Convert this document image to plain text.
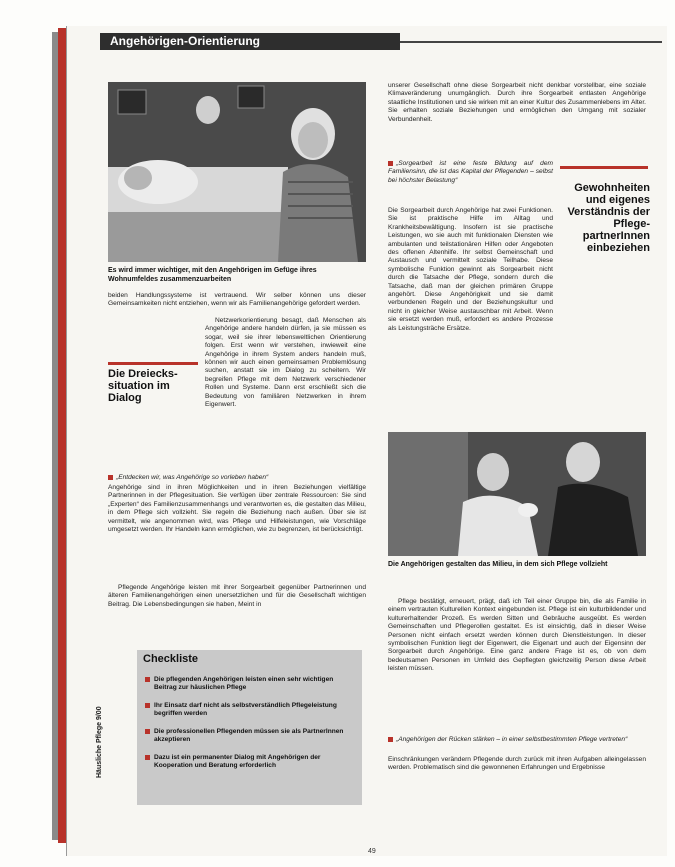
Angehörigen-Orientierung
Es wird immer wichtiger, mit den Angehörigen im Gefüge ihres Wohnumfeldes zusammenzuarbeiten
beiden Handlungssysteme ist vertrauend. Wir selber können uns dieser Gemeinsamkeiten nicht entziehen, wenn wir als Familienangehörige gefordert werden.
Netzwerkorientierung besagt, daß Menschen als Angehörige andere handeln dürfen, ja sie müssen es sogar, weil sie ihrer lebensweltlichen Orientierung folgen. Erst wenn wir verstehen, inwieweit eine Angehörige in ihrem System anders handeln muß, können wir auch einen gemeinsamen Problemlösung suchen, anstatt sie im Dialog zu scheitern. Wir begreifen Pflege mit dem Netzwerk verschiedener Rollen und Systeme. Dann erst erschließt sich die Bedeutung von familiären Netzwerken in ihrem Eigenwert.
Die Dreiecks-situation im Dialog
„Entdecken wir, was Angehörige so vorleben haben“
Angehörige sind in ihren Möglichkeiten und in ihren Beziehungen vielfältige Partnerinnen in der Pflegesituation. Sie verfügen über zentrale Ressourcen: Sie sind „Experten“ des Familienzusammenhangs und verantworten es, die gestalten das Milieu, in dem Pflege sich vollzieht. Sie regeln die Beziehung nach außen. Über sie ist vermittelt, wie angenommen wird, was Pflege und Hilfeleistungen, wie Vorschläge umgesetzt werden. Ihr Handeln kann ermöglichen, wie zu begrenzen, ist berücksichtigt.
Pflegende Angehörige leisten mit ihrer Sorgearbeit gegenüber Partnerinnen und älteren Familienangehörigen einen unersetzlichen und für die Gesellschaft wichtigen Beitrag. Die Lebensbedingungen sie haben, Meint in
Checkliste
Die pflegenden Angehörigen leisten einen sehr wichtigen Beitrag zur häuslichen Pflege
Ihr Einsatz darf nicht als selbstverständlich Pflegeleistung begriffen werden
Die professionellen Pflegenden müssen sie als PartnerInnen akzeptieren
Dazu ist ein permanenter Dialog mit Angehörigen der Kooperation und Beratung erforderlich
unserer Gesellschaft ohne diese Sorgearbeit nicht denkbar vorstellbar, eine soziale Klimaveränderung unumgänglich. Durch ihre Sorgearbeit entlasten Angehörige staatliche Institutionen und sie wirken mit an einer Kultur des Zusammenlebens im Alter. Sie erhalten soziale Beziehungen und ermöglichen den Umgang mit sozialer Verbundenheit.
„Sorgearbeit ist eine feste Bildung auf dem Familiensinn, die ist das Kapital der Pflegenden – selbst bei höchster Belastung“
Die Sorgearbeit durch Angehörige hat zwei Funktionen. Sie ist praktische Hilfe im Alltag und Krankheitsbewältigung. Insofern ist sie practische Leistungen, wo sie auch mit funktionalen Diensten wie ambulanten und teilstationären Hilfen oder Angeboten des offenen Altenhilfe. Ihr selbst Gemeinschaft und Austausch und vermittelt soziale Teilhabe. Diese symbolische Funktion gewinnt als Sorgearbeit nicht durch die Tatsache der Pflege, sondern durch die Tatsache, daß man der gleichen primären Gruppe angehört. Diese Angehörigkeit und sie damit verbundenen Regeln und der Beziehungskultur und nicht in gleicher Weise austauschbar mit Arbeit. Wenn sie ersetzt werden muß, erfordert es andere Prozesse als Leistungsträche Ersätze.
Gewohnheiten und eigenes Verständnis der Pflege-partnerInnen einbeziehen
Die Angehörigen gestalten das Milieu, in dem sich Pflege vollzieht
Pflege bestätigt, erneuert, prägt, daß ich Teil einer Gruppe bin, die als Familie in einem vertrauten Kulturellen Kontext eingebunden ist. Pflege ist ein kulturbildender und kulturerhaltender Prozeß. Es werden Sitten und Gebräuche ausgeübt. Es werden Gemeinschaften und Pflegerollen gestaltet. Es ist einsichtig, daß in dieser Weise Personen nicht einfach ersetzt werden können durch Dienstleistungen. In dieser symbolischen Funktion liegt der Eigenwert, die Eigenart und auch der Eigensinn der Sorgearbeit durch Angehörige. Eine ganz andere Frage ist es, ob von dem bedeutsamen Personen im Umfeld des Gepflegten gleichzeitig Person diese Arbeit leisten müssen.
„Angehörigen der Rücken stärken – in einer selbstbestimmten Pflege vertreten“
Einschränkungen verändern Pflegende durch zurück mit ihren Aufgaben alleingelassen werden. Problematisch sind die gewonnenen Erfahrungen und Ergebnisse
Häusliche Pflege 9/00
49
